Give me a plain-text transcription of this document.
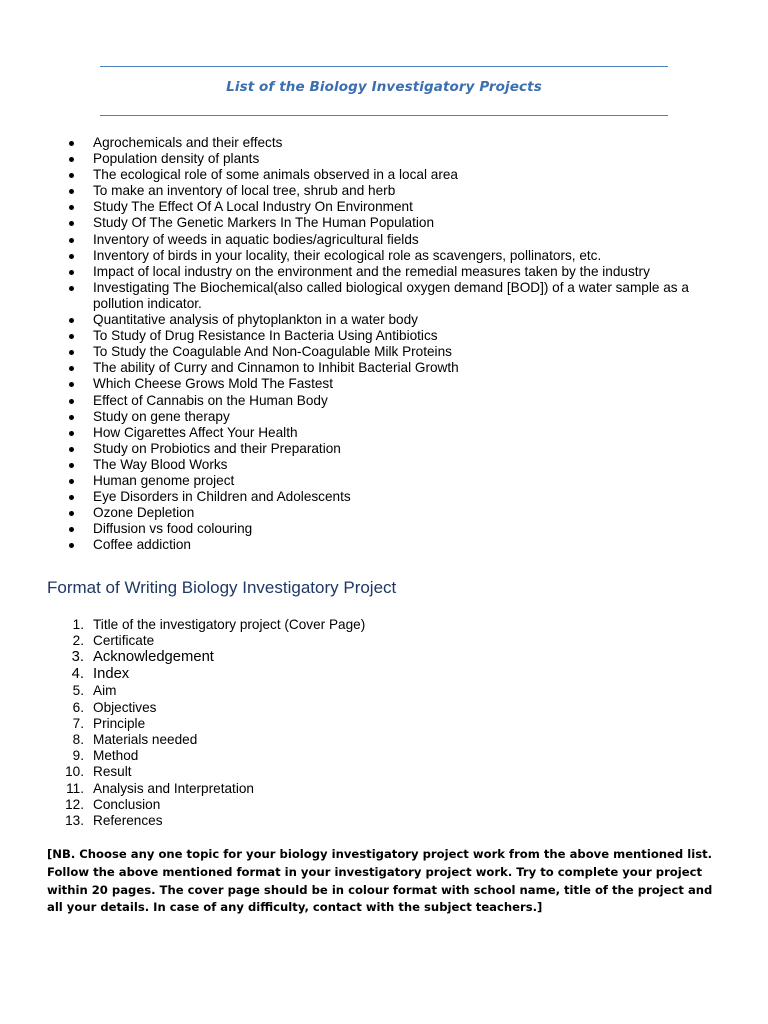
List of the Biology Investigatory Projects
Agrochemicals and their effects
Population density of plants
The ecological role of some animals observed in a local area
To make an inventory of local tree, shrub and herb
Study The Effect Of A Local Industry On Environment
Study Of The Genetic Markers In The Human Population
Inventory of weeds in aquatic bodies/agricultural fields
Inventory of birds in your locality, their ecological role as scavengers, pollinators, etc.
Impact of local industry on the environment and the remedial measures taken by the industry
Investigating The Biochemical(also called biological oxygen demand [BOD]) of a water sample as a pollution indicator.
Quantitative analysis of phytoplankton in a water body
To Study of Drug Resistance In Bacteria Using Antibiotics
To Study the Coagulable And Non-Coagulable Milk Proteins
The ability of Curry and Cinnamon to Inhibit Bacterial Growth
Which Cheese Grows Mold The Fastest
Effect of Cannabis on the Human Body
Study on gene therapy
How Cigarettes Affect Your Health
Study on Probiotics and their Preparation
The Way Blood Works
Human genome project
Eye Disorders in Children and Adolescents
Ozone Depletion
Diffusion vs food colouring
Coffee addiction
Format of Writing Biology Investigatory Project
1. Title of the investigatory project (Cover Page)
2. Certificate
3. Acknowledgement
4. Index
5. Aim
6. Objectives
7. Principle
8. Materials needed
9. Method
10. Result
11. Analysis and Interpretation
12. Conclusion
13. References

[NB. Choose any one topic for your biology investigatory project work from the above mentioned list. Follow the above mentioned format in your investigatory project work. Try to complete your project within 20 pages. The cover page should be in colour format with school name, title of the project and all your details. In case of any difficulty, contact with the subject teachers.]
